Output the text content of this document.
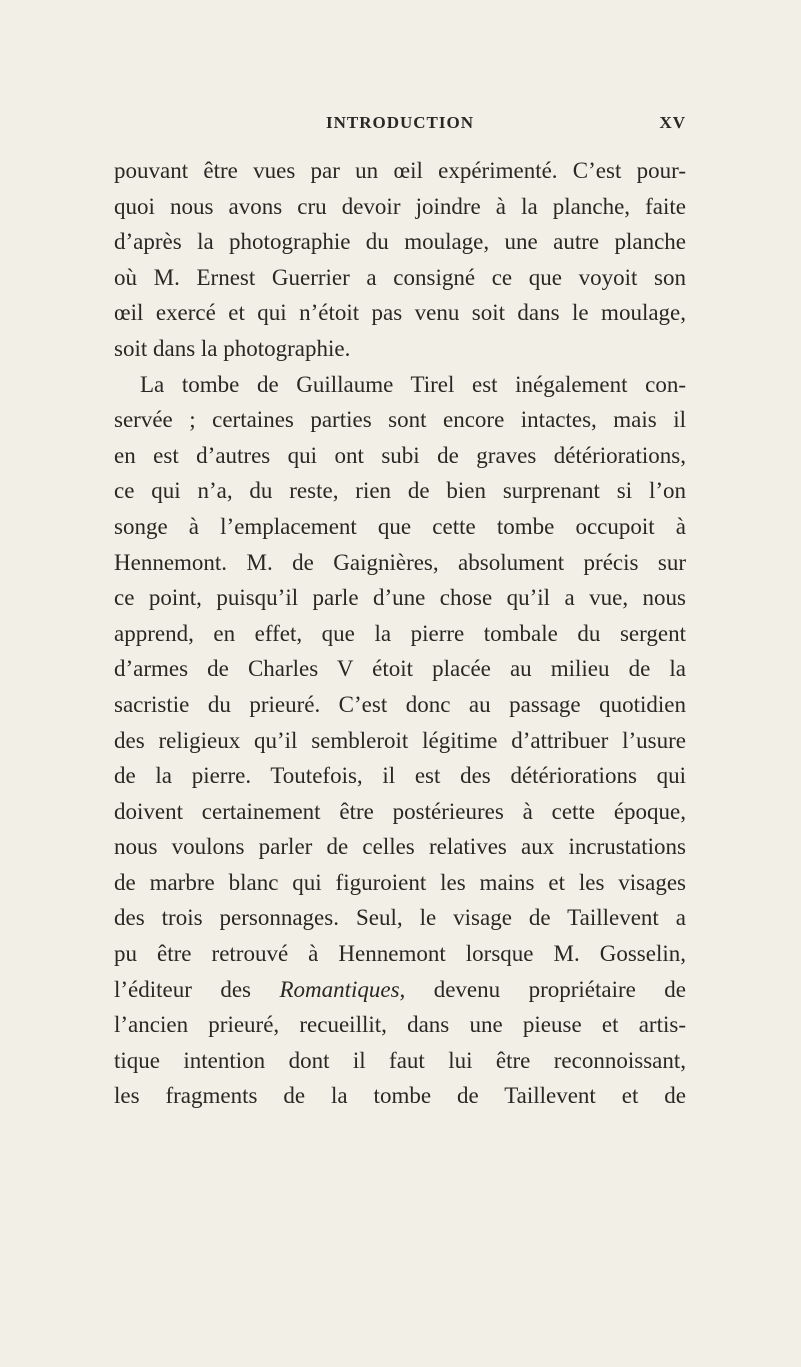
INTRODUCTION	XV
pouvant être vues par un œil expérimenté. C’est pour-
quoi nous avons cru devoir joindre à la planche, faite
d’après la photographie du moulage, une autre planche
où M. Ernest Guerrier a consigné ce que voyoit son
œil exercé et qui n’étoit pas venu soit dans le moulage,
soit dans la photographie.
La tombe de Guillaume Tirel est inégalement con-
servée ; certaines parties sont encore intactes, mais il
en est d’autres qui ont subi de graves détériorations,
ce qui n’a, du reste, rien de bien surprenant si l’on
songe à l’emplacement que cette tombe occupoit à
Hennemont. M. de Gaignières, absolument précis sur
ce point, puisqu’il parle d’une chose qu’il a vue, nous
apprend, en effet, que la pierre tombale du sergent
d’armes de Charles V étoit placée au milieu de la
sacristie du prieuré. C’est donc au passage quotidien
des religieux qu’il sembleroit légitime d’attribuer l’usure
de la pierre. Toutefois, il est des détériorations qui
doivent certainement être postérieures à cette époque,
nous voulons parler de celles relatives aux incrustations
de marbre blanc qui figuroient les mains et les visages
des trois personnages. Seul, le visage de Taillevent a
pu être retrouvé à Hennemont lorsque M. Gosselin,
l’éditeur des Romantiques, devenu propriétaire de
l’ancien prieuré, recueillit, dans une pieuse et artis-
tique intention dont il faut lui être reconnoissant,
les fragments de la tombe de Taillevent et de
